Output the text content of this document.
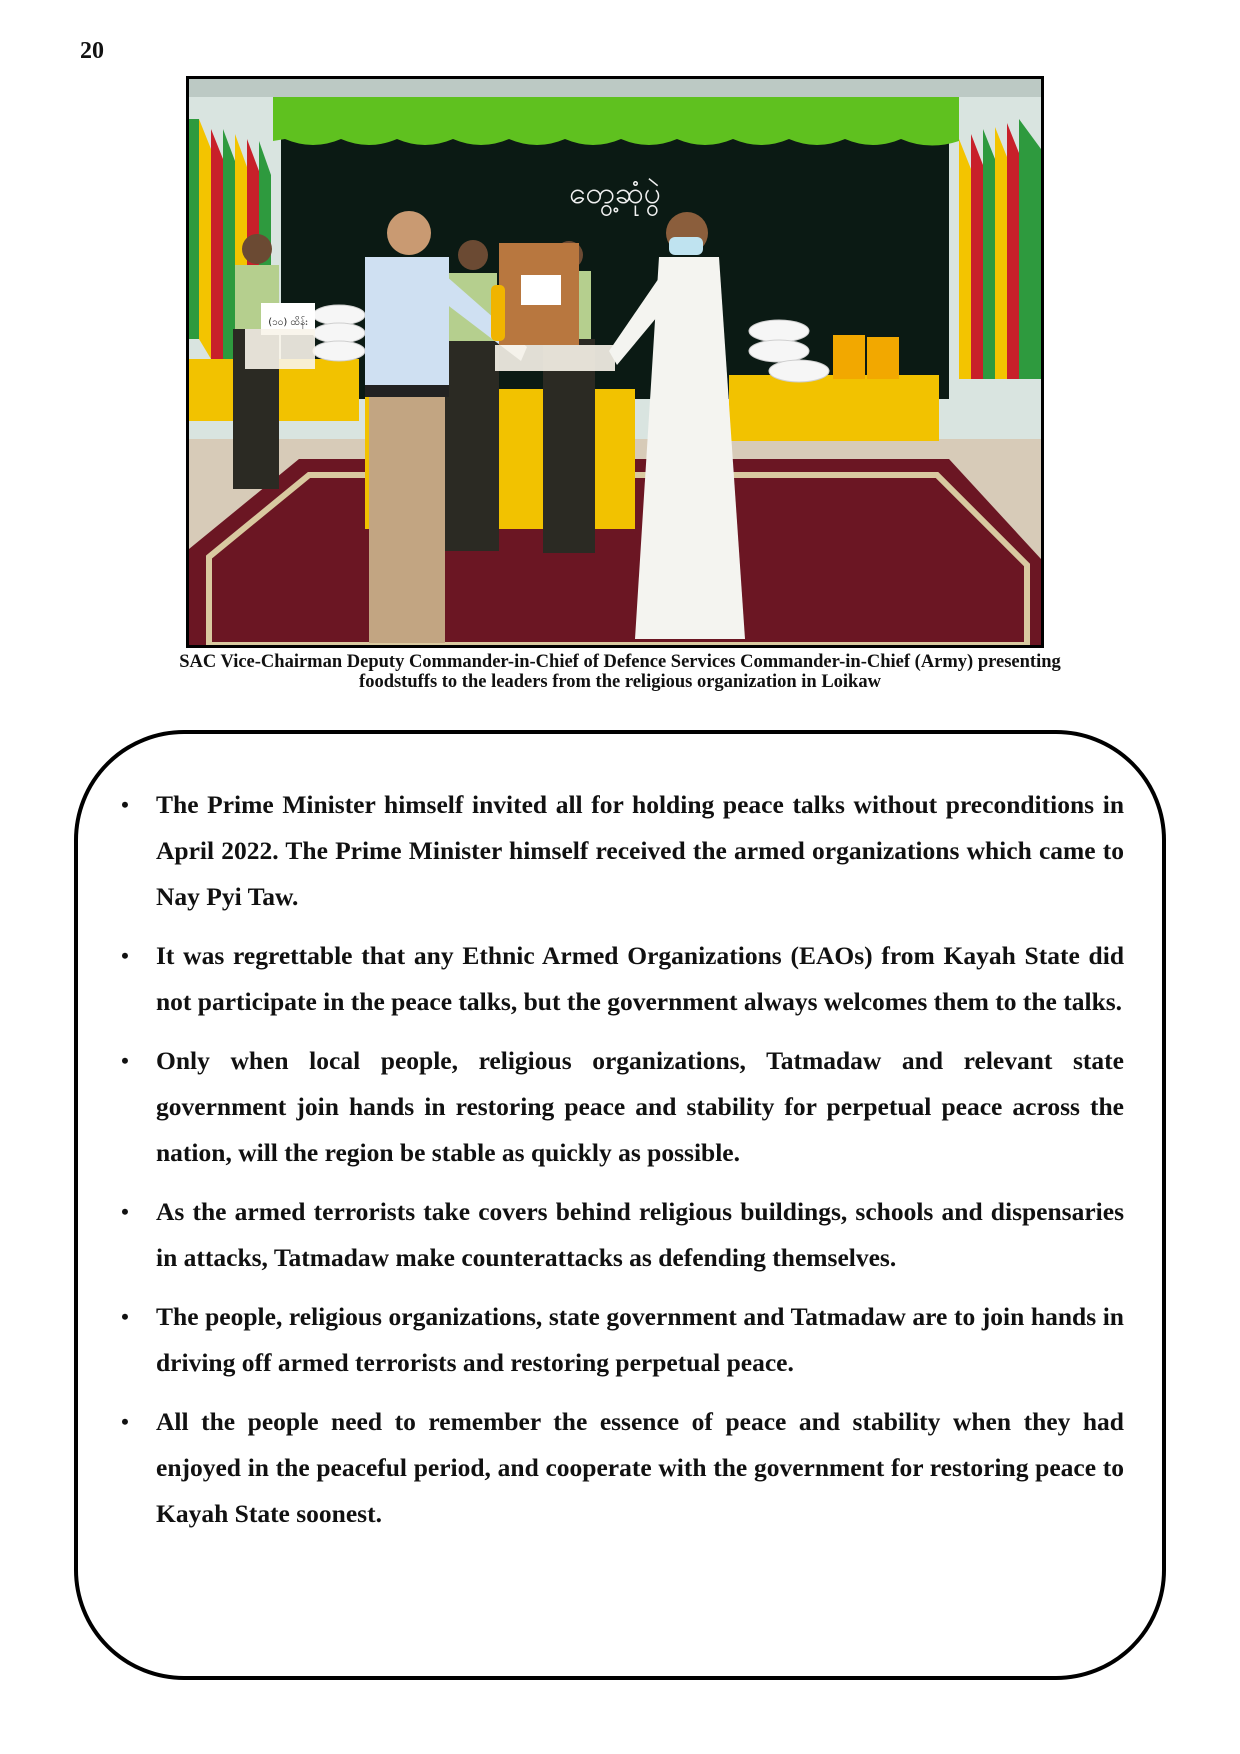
20
တွေ့ဆုံပွဲ
(၁၀) ထိန်း
SAC Vice-Chairman Deputy Commander-in-Chief of Defence Services Commander-in-Chief (Army) presenting
foodstuffs to the leaders from the religious organization in Loikaw
• The Prime Minister himself invited all for holding peace talks without preconditions in April 2022. The Prime Minister himself received the armed organizations which came to Nay Pyi Taw.
• It was regrettable that any Ethnic Armed Organizations (EAOs) from Kayah State did not participate in the peace talks, but the government always welcomes them to the talks.
• Only when local people, religious organizations, Tatmadaw and relevant state government join hands in restoring peace and stability for perpetual peace across the nation, will the region be stable as quickly as possible.
• As the armed terrorists take covers behind religious buildings, schools and dispensaries in attacks, Tatmadaw make counterattacks as defending themselves.
• The people, religious organizations, state government and Tatmadaw are to join hands in driving off armed terrorists and restoring perpetual peace.
• All the people need to remember the essence of peace and stability when they had enjoyed in the peaceful period, and cooperate with the government for restoring peace to Kayah State soonest.
